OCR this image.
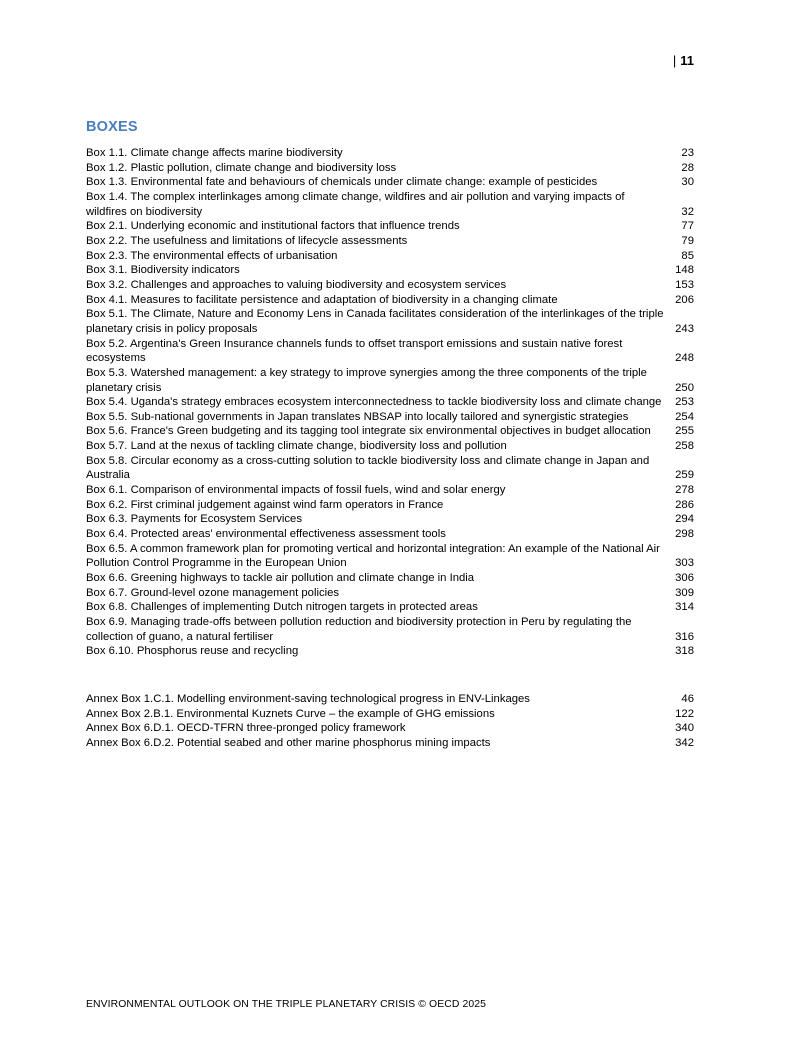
| 11
BOXES
Box 1.1. Climate change affects marine biodiversity	23
Box 1.2. Plastic pollution, climate change and biodiversity loss	28
Box 1.3. Environmental fate and behaviours of chemicals under climate change: example of pesticides	30
Box 1.4. The complex interlinkages among climate change, wildfires and air pollution and varying impacts of wildfires on biodiversity	32
Box 2.1. Underlying economic and institutional factors that influence trends	77
Box 2.2. The usefulness and limitations of lifecycle assessments	79
Box 2.3. The environmental effects of urbanisation	85
Box 3.1. Biodiversity indicators	148
Box 3.2. Challenges and approaches to valuing biodiversity and ecosystem services	153
Box 4.1. Measures to facilitate persistence and adaptation of biodiversity in a changing climate	206
Box 5.1. The Climate, Nature and Economy Lens in Canada facilitates consideration of the interlinkages of the triple planetary crisis in policy proposals	243
Box 5.2. Argentina's Green Insurance channels funds to offset transport emissions and sustain native forest ecosystems	248
Box 5.3. Watershed management: a key strategy to improve synergies among the three components of the triple planetary crisis	250
Box 5.4. Uganda's strategy embraces ecosystem interconnectedness to tackle biodiversity loss and climate change 253
Box 5.5. Sub-national governments in Japan translates NBSAP into locally tailored and synergistic strategies	254
Box 5.6. France's Green budgeting and its tagging tool integrate six environmental objectives in budget allocation 255
Box 5.7. Land at the nexus of tackling climate change, biodiversity loss and pollution	258
Box 5.8. Circular economy as a cross-cutting solution to tackle biodiversity loss and climate change in Japan and Australia	259
Box 6.1. Comparison of environmental impacts of fossil fuels, wind and solar energy	278
Box 6.2. First criminal judgement against wind farm operators in France	286
Box 6.3. Payments for Ecosystem Services	294
Box 6.4. Protected areas' environmental effectiveness assessment tools	298
Box 6.5. A common framework plan for promoting vertical and horizontal integration: An example of the National Air Pollution Control Programme in the European Union	303
Box 6.6. Greening highways to tackle air pollution and climate change in India	306
Box 6.7. Ground-level ozone management policies	309
Box 6.8. Challenges of implementing Dutch nitrogen targets in protected areas	314
Box 6.9. Managing trade-offs between pollution reduction and biodiversity protection in Peru by regulating the collection of guano, a natural fertiliser	316
Box 6.10. Phosphorus reuse and recycling	318
Annex Box 1.C.1. Modelling environment-saving technological progress in ENV-Linkages	46
Annex Box 2.B.1. Environmental Kuznets Curve – the example of GHG emissions	122
Annex Box 6.D.1. OECD-TFRN three-pronged policy framework	340
Annex Box 6.D.2. Potential seabed and other marine phosphorus mining impacts	342
ENVIRONMENTAL OUTLOOK ON THE TRIPLE PLANETARY CRISIS © OECD 2025
